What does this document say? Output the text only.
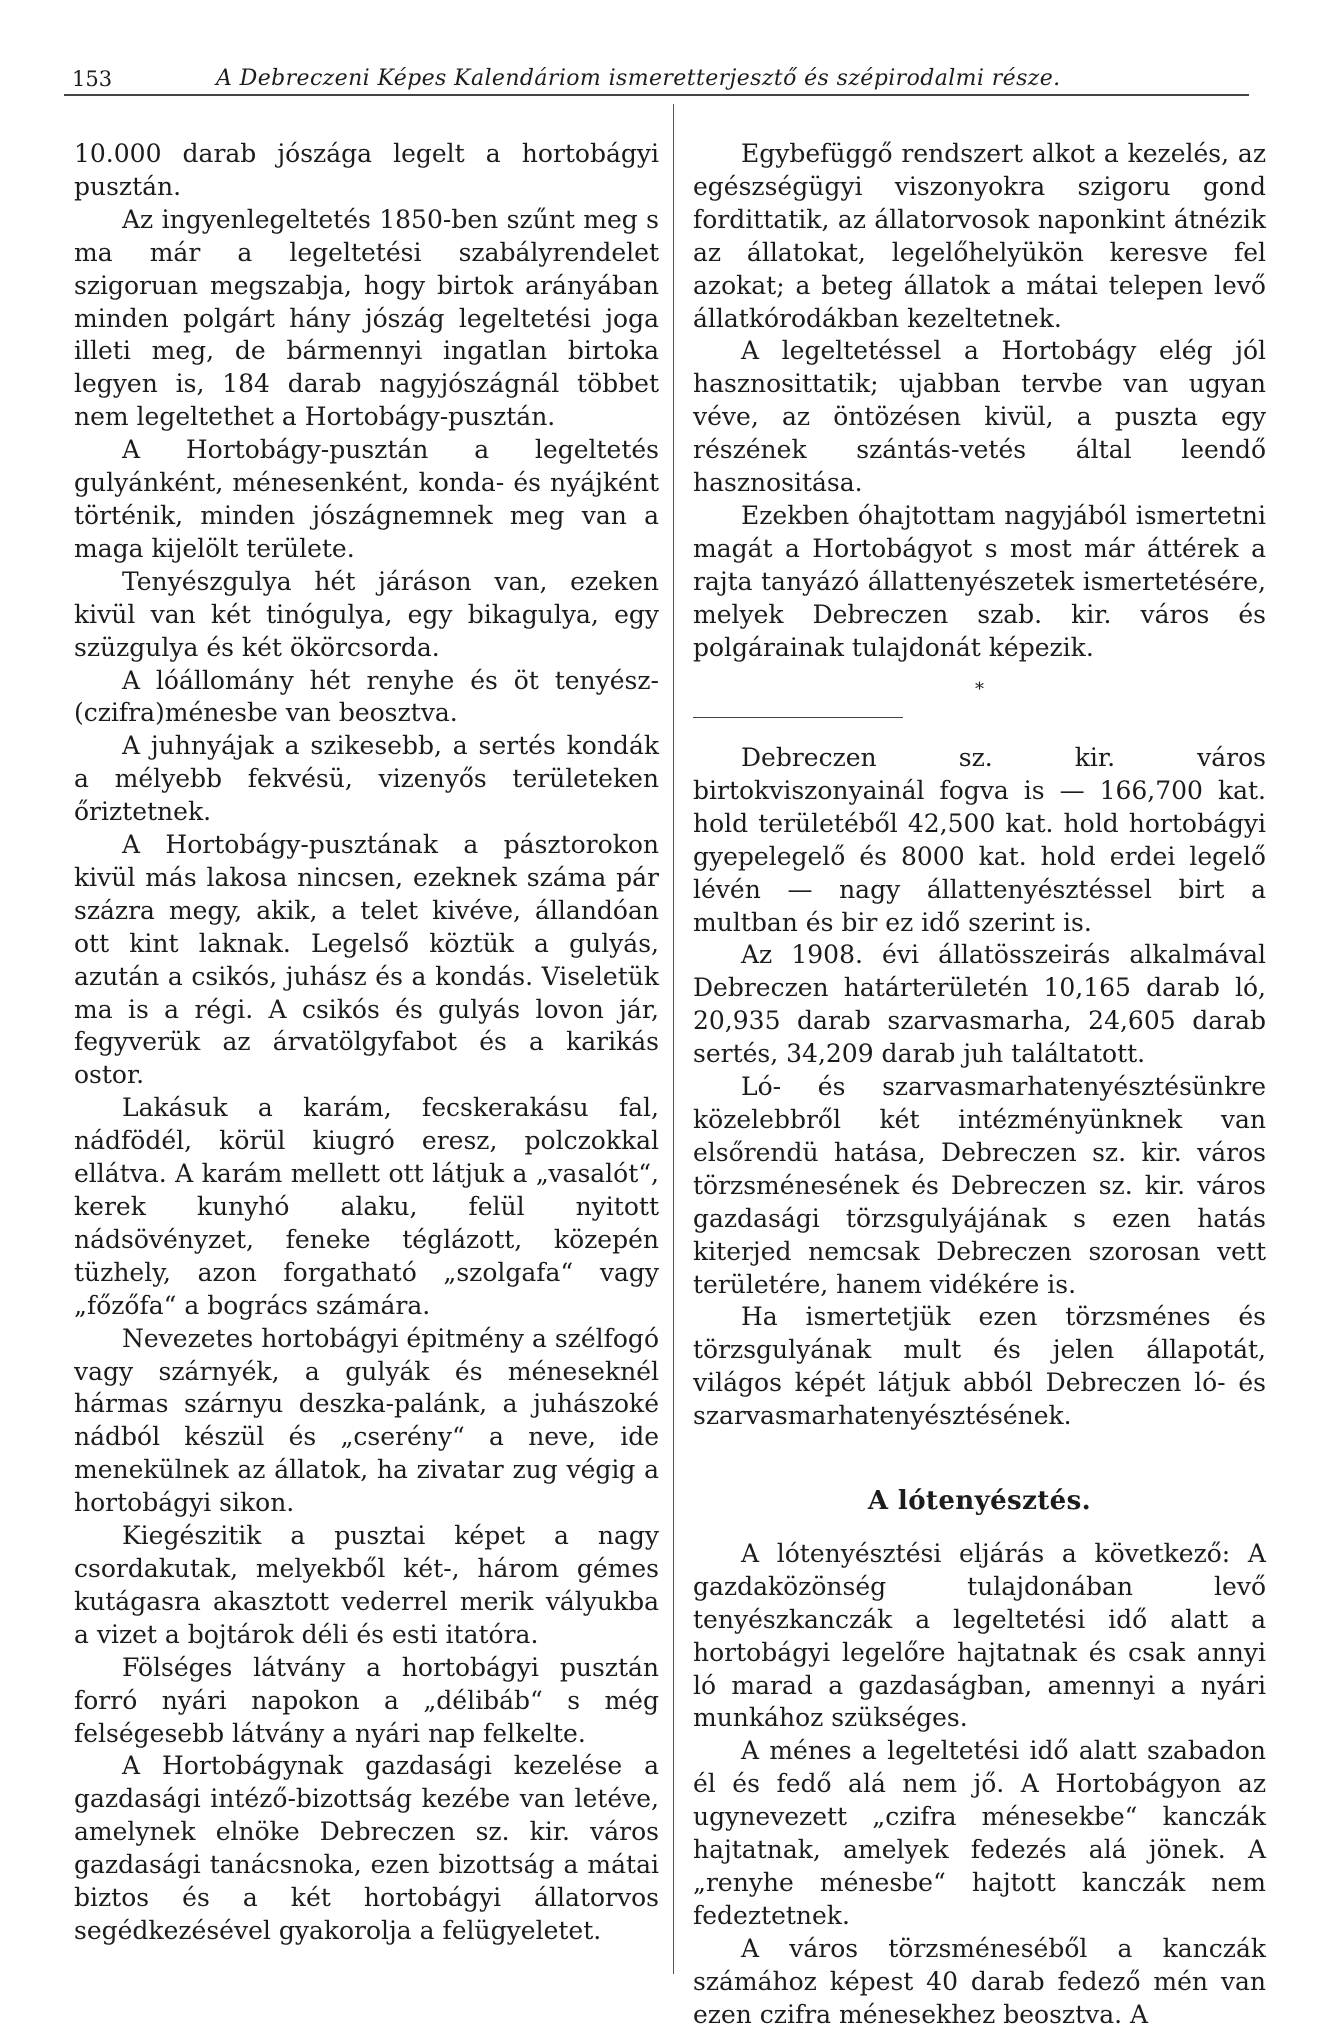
153	A Debreczeni Képes Kalendáriom ismeretterjesztő és szépirodalmi része.

10.000 darab jószága legelt a hortobágyi pusztán.

Az ingyenlegeltetés 1850-ben szűnt meg s ma már a legeltetési szabályrendelet szigoruan megszabja, hogy birtok arányában minden polgárt hány jószág legeltetési joga illeti meg, de bármennyi ingatlan birtoka legyen is, 184 darab nagyjószágnál többet nem legeltethet a Hortobágy-pusztán.

A Hortobágy-pusztán a legeltetés gulyánként, ménesenként, konda- és nyájként történik, minden jószágnemnek meg van a maga kijelölt területe.

Tenyészgulya hét járáson van, ezeken kivül van két tinógulya, egy bikagulya, egy szüzgulya és két ökörcsorda.

A lóállomány hét renyhe és öt tenyész-(czifra)ménesbe van beosztva.

A juhnyájak a szikesebb, a sertés kondák a mélyebb fekvésü, vizenyős területeken őriztetnek.

A Hortobágy-pusztának a pásztorokon kivül más lakosa nincsen, ezeknek száma pár százra megy, akik, a telet kivéve, állandóan ott kint laknak. Legelső köztük a gulyás, azután a csikós, juhász és a kondás. Viseletük ma is a régi. A csikós és gulyás lovon jár, fegyverük az árvatölgyfabot és a karikás ostor.

Lakásuk a karám, fecskerakásu fal, nádfödél, körül kiugró eresz, polczokkal ellátva. A karám mellett ott látjuk a „vasalót“, kerek kunyhó alaku, felül nyitott nádsövényzet, feneke téglázott, közepén tüzhely, azon forgatható „szolgafa“ vagy „főzőfa“ a bogrács számára.

Nevezetes hortobágyi épitmény a szélfogó vagy szárnyék, a gulyák és méneseknél hármas szárnyu deszka-palánk, a juhászoké nádból készül és „cserény“ a neve, ide menekülnek az állatok, ha zivatar zug végig a hortobágyi sikon.

Kiegészitik a pusztai képet a nagy csordakutak, melyekből két-, három gémes kutágasra akasztott vederrel merik vályukba a vizet a bojtárok déli és esti itatóra.

Fölséges látvány a hortobágyi pusztán forró nyári napokon a „délibáb“ s még felségesebb látvány a nyári nap felkelte.

A Hortobágynak gazdasági kezelése a gazdasági intéző-bizottság kezébe van letéve, amelynek elnöke Debreczen sz. kir. város gazdasági tanácsnoka, ezen bizottság a mátai biztos és a két hortobágyi állatorvos segédkezésével gyakorolja a felügyeletet.

Egybefüggő rendszert alkot a kezelés, az egészségügyi viszonyokra szigoru gond fordittatik, az állatorvosok naponkint átnézik az állatokat, legelőhelyükön keresve fel azokat; a beteg állatok a mátai telepen levő állatkórodákban kezeltetnek.

A legeltetéssel a Hortobágy elég jól hasznosittatik; ujabban tervbe van ugyan véve, az öntözésen kivül, a puszta egy részének szántás-vetés által leendő hasznositása.

Ezekben óhajtottam nagyjából ismertetni magát a Hortobágyot s most már áttérek a rajta tanyázó állattenyészetek ismertetésére, melyek Debreczen szab. kir. város és polgárainak tulajdonát képezik.

*

Debreczen sz. kir. város birtokviszonyainál fogva is — 166,700 kat. hold területéből 42,500 kat. hold hortobágyi gyepelegelő és 8000 kat. hold erdei legelő lévén — nagy állattenyésztéssel birt a multban és bir ez idő szerint is.

Az 1908. évi állatösszeirás alkalmával Debreczen határterületén 10,165 darab ló, 20,935 darab szarvasmarha, 24,605 darab sertés, 34,209 darab juh találtatott.

Ló- és szarvasmarhatenyésztésünkre közelebbről két intézményünknek van elsőrendü hatása, Debreczen sz. kir. város törzsménesének és Debreczen sz. kir. város gazdasági törzsgulyájának s ezen hatás kiterjed nemcsak Debreczen szorosan vett területére, hanem vidékére is.

Ha ismertetjük ezen törzsménes és törzsgulyának mult és jelen állapotát, világos képét látjuk abból Debreczen ló- és szarvasmarhatenyésztésének.

A lótenyésztés.

A lótenyésztési eljárás a következő: A gazdaközönség tulajdonában levő tenyészkanczák a legeltetési idő alatt a hortobágyi legelőre hajtatnak és csak annyi ló marad a gazdaságban, amennyi a nyári munkához szükséges.

A ménes a legeltetési idő alatt szabadon él és fedő alá nem jő. A Hortobágyon az ugynevezett „czifra ménesekbe“ kanczák hajtatnak, amelyek fedezés alá jönek. A „renyhe ménesbe“ hajtott kanczák nem fedeztetnek.

A város törzsméneséből a kanczák számához képest 40 darab fedező mén van ezen czifra ménesekhez beosztva. A
